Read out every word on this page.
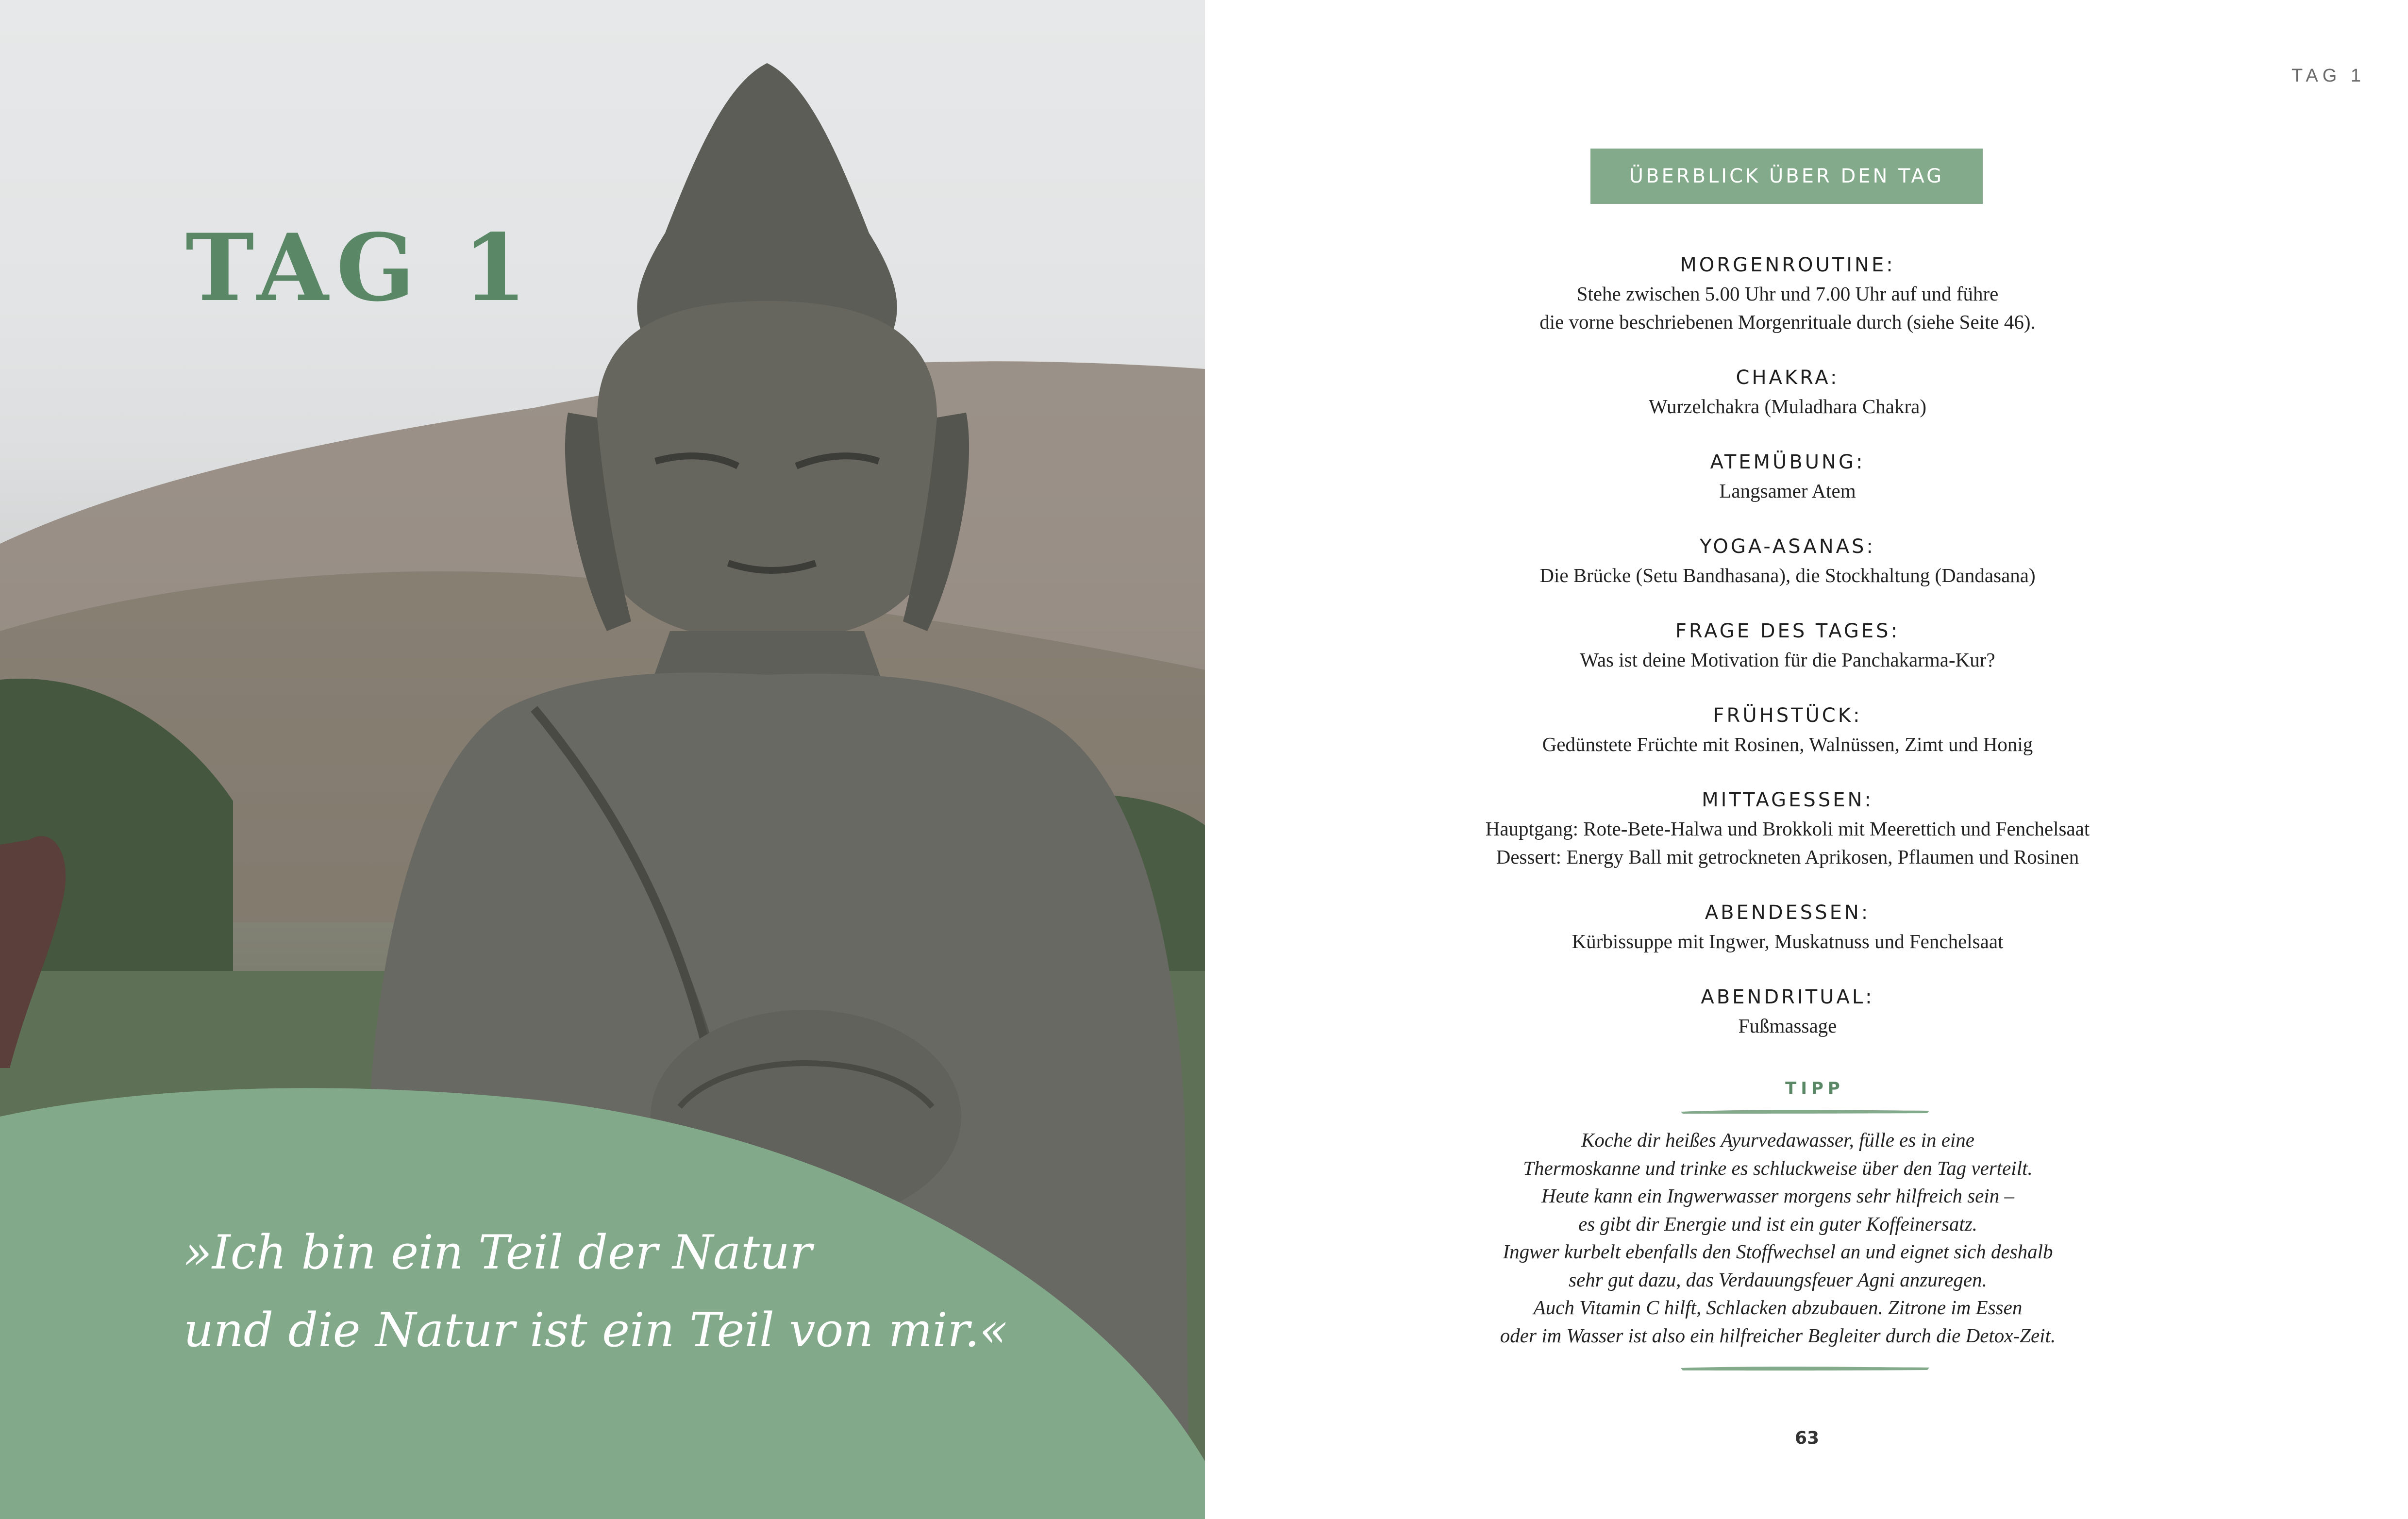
TAG 1

»Ich bin ein Teil der Natur
und die Natur ist ein Teil von mir.«

TAG 1

ÜBERBLICK ÜBER DEN TAG
MORGENROUTINE:

Stehe zwischen 5.00 Uhr und 7.00 Uhr auf und führe

die vorne beschriebenen Morgenrituale durch (siehe Seite 46).

CHAKRA:

Wurzelchakra (Muladhara Chakra)

ATEMÜBUNG:

Langsamer Atem

YOGA-ASANAS:

Die Brücke (Setu Bandhasana), die Stockhaltung (Dandasana)

FRAGE DES TAGES:

Was ist deine Motivation für die Panchakarma-Kur?

FRÜHSTÜCK:

Gedünstete Früchte mit Rosinen, Walnüssen, Zimt und Honig

MITTAGESSEN:

Hauptgang: Rote-Bete-Halwa und Brokkoli mit Meerettich und Fenchelsaat

Dessert: Energy Ball mit getrockneten Aprikosen, Pflaumen und Rosinen

ABENDESSEN:

Kürbissuppe mit Ingwer, Muskatnuss und Fenchelsaat

ABENDRITUAL:

Fußmassage

TIPP

Koche dir heißes Ayurvedawasser, fülle es in eine
Thermoskanne und trinke es schluckweise über den Tag verteilt.
Heute kann ein Ingwerwasser morgens sehr hilfreich sein –
es gibt dir Energie und ist ein guter Koffeinersatz.
Ingwer kurbelt ebenfalls den Stoffwechsel an und eignet sich deshalb
sehr gut dazu, das Verdauungsfeuer Agni anzuregen.
Auch Vitamin C hilft, Schlacken abzubauen. Zitrone im Essen
oder im Wasser ist also ein hilfreicher Begleiter durch die Detox-Zeit.

63
